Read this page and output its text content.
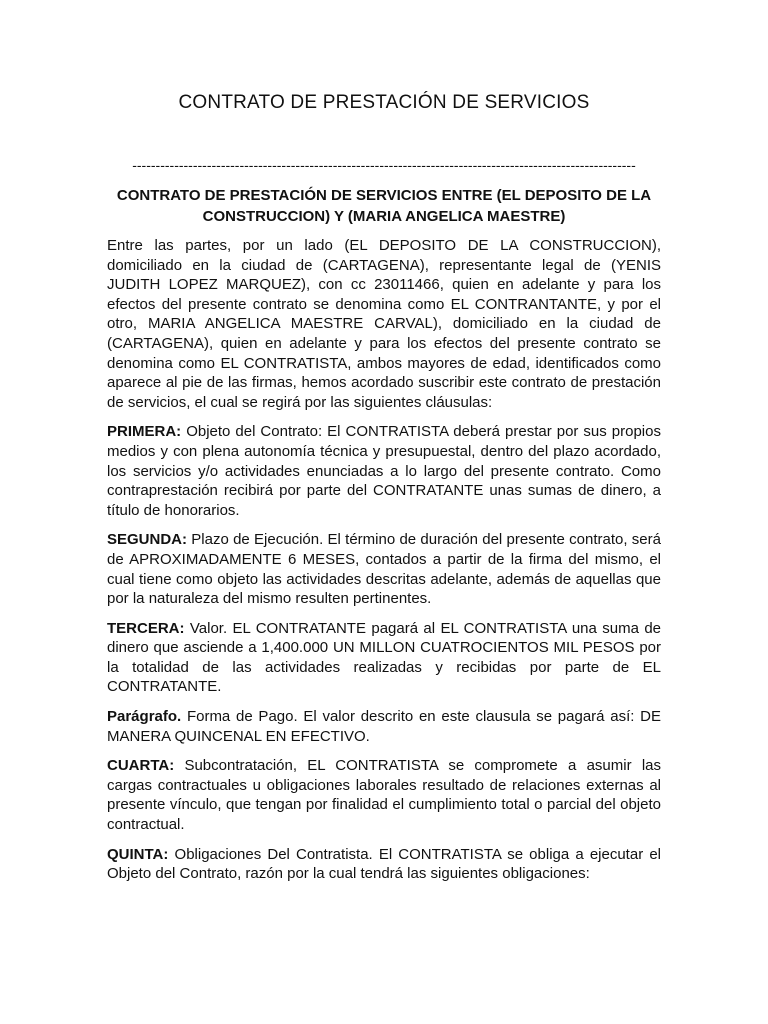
CONTRATO DE PRESTACIÓN DE SERVICIOS
------------------------------------------------------------------------------------------------------------
CONTRATO DE PRESTACIÓN DE SERVICIOS ENTRE (EL DEPOSITO DE LA CONSTRUCCION) Y (MARIA ANGELICA MAESTRE)

Entre las partes, por un lado (EL DEPOSITO DE LA CONSTRUCCION), domiciliado en la ciudad de (CARTAGENA), representante legal de (YENIS JUDITH LOPEZ MARQUEZ), con cc 23011466, quien en adelante y para los efectos del presente contrato se denomina como EL CONTRANTANTE, y por el otro, MARIA ANGELICA MAESTRE CARVAL), domiciliado en la ciudad de (CARTAGENA), quien en adelante y para los efectos del presente contrato se denomina como EL CONTRATISTA, ambos mayores de edad, identificados como aparece al pie de las firmas, hemos acordado suscribir este contrato de prestación de servicios, el cual se regirá por las siguientes cláusulas:

PRIMERA: Objeto del Contrato: El CONTRATISTA deberá prestar por sus propios medios y con plena autonomía técnica y presupuestal, dentro del plazo acordado, los servicios y/o actividades enunciadas a lo largo del presente contrato. Como contraprestación recibirá por parte del CONTRATANTE unas sumas de dinero, a título de honorarios.

SEGUNDA: Plazo de Ejecución. El término de duración del presente contrato, será de APROXIMADAMENTE 6 MESES, contados a partir de la firma del mismo, el cual tiene como objeto las actividades descritas adelante, además de aquellas que por la naturaleza del mismo resulten pertinentes.

TERCERA: Valor. EL CONTRATANTE pagará al EL CONTRATISTA una suma de dinero que asciende a 1,400.000 UN MILLON CUATROCIENTOS MIL PESOS por la totalidad de las actividades realizadas y recibidas por parte de EL CONTRATANTE.

Parágrafo. Forma de Pago. El valor descrito en este clausula se pagará así: DE MANERA QUINCENAL EN EFECTIVO.

CUARTA: Subcontratación, EL CONTRATISTA se compromete a asumir las cargas contractuales u obligaciones laborales resultado de relaciones externas al presente vínculo, que tengan por finalidad el cumplimiento total o parcial del objeto contractual.

QUINTA: Obligaciones Del Contratista. El CONTRATISTA se obliga a ejecutar el Objeto del Contrato, razón por la cual tendrá las siguientes obligaciones:
